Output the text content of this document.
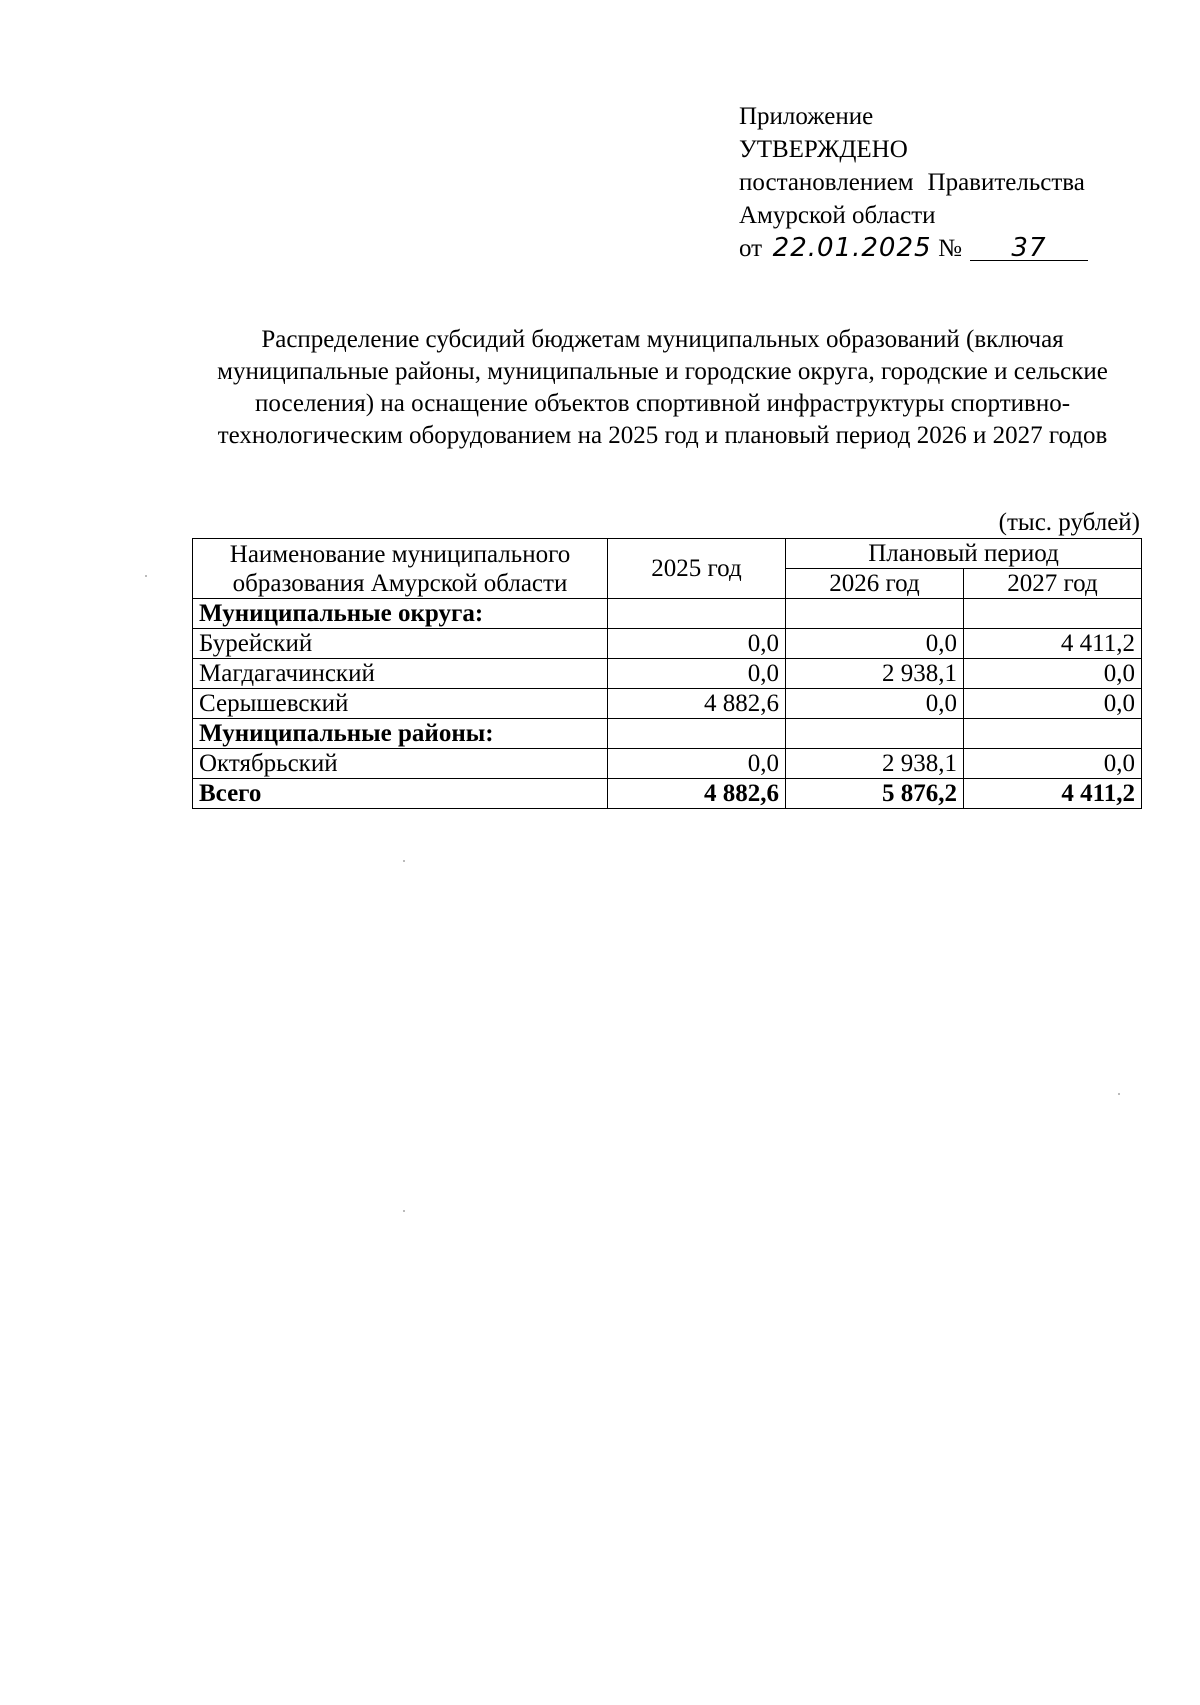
Приложение
УТВЕРЖДЕНО
постановлением Правительства
Амурской области
от 22.01.2025 № 37
Распределение субсидий бюджетам муниципальных образований (включая муниципальные районы, муниципальные и городские округа, городские и сельские поселения) на оснащение объектов спортивной инфраструктуры спортивно-технологическим оборудованием на 2025 год и плановый период 2026 и 2027 годов
(тыс. рублей)
Наименование муниципального образования Амурской области	2025 год	Плановый период	
		2026 год	2027 год
Муниципальные округа:			
Бурейский	0,0	0,0	4 411,2
Магдагачинский	0,0	2 938,1	0,0
Серышевский	4 882,6	0,0	0,0
Муниципальные районы:			
Октябрьский	0,0	2 938,1	0,0
Всего	4 882,6	5 876,2	4 411,2
